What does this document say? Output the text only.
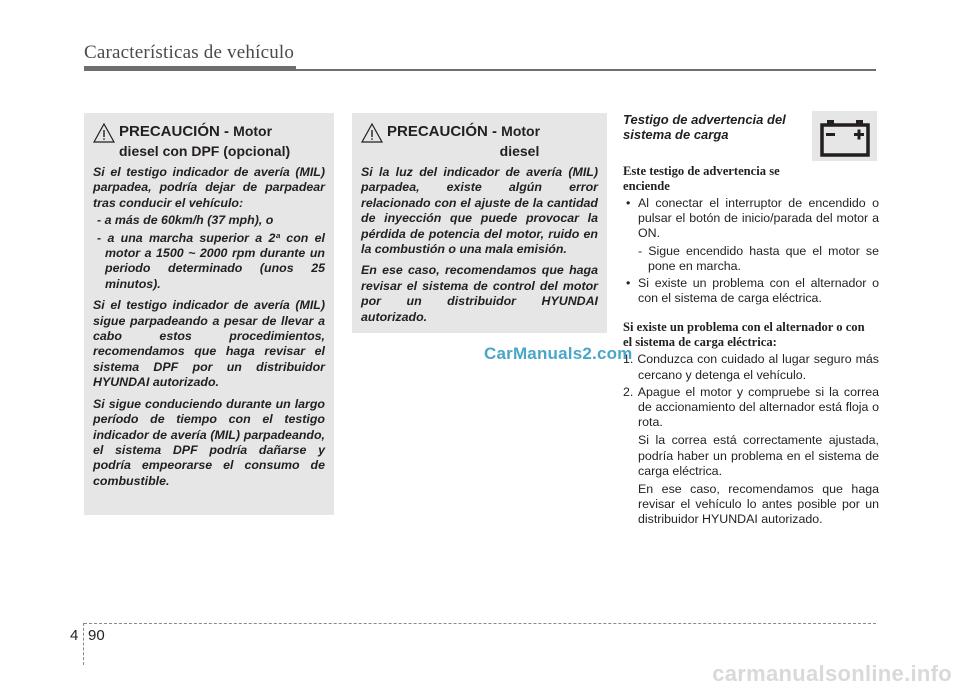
Características de vehículo
PRECAUCIÓN - Motor
diesel con DPF (opcional)

Si el testigo indicador de avería (MIL) parpadea, podría dejar de parpadear tras conducir el vehículo:

- a más de 60km/h (37 mph), o

- a una marcha superior a 2ª con el motor a 1500 ~ 2000 rpm durante un periodo determinado (unos 25 minutos).

Si el testigo indicador de avería (MIL) sigue parpadeando a pesar de llevar a cabo estos procedimientos, recomendamos que haga revisar el sistema DPF por un distribuidor HYUNDAI autorizado.

Si sigue conduciendo durante un largo período de tiempo con el testigo indicador de avería (MIL) parpadeando, el sistema DPF podría dañarse y podría empeorarse el consumo de combustible.

PRECAUCIÓN - Motor
diesel

Si la luz del indicador de avería (MIL) parpadea, existe algún error relacionado con el ajuste de la cantidad de inyección que puede provocar la pérdida de potencia del motor, ruido en la combustión o una mala emisión.

En ese caso, recomendamos que haga revisar el sistema de control del motor por un distribuidor HYUNDAI autorizado.

Testigo de advertencia del sistema de carga
Este testigo de advertencia se enciende

• Al conectar el interruptor de encendido o pulsar el botón de inicio/parada del motor a ON.

- Sigue encendido hasta que el motor se pone en marcha.

• Si existe un problema con el alternador o con el sistema de carga eléctrica.

Si existe un problema con el alternador o con el sistema de carga eléctrica:

1. Conduzca con cuidado al lugar seguro más cercano y detenga el vehículo.

2. Apague el motor y compruebe si la correa de accionamiento del alternador está floja o rota.

Si la correa está correctamente ajustada, podría haber un problema en el sistema de carga eléctrica.

En ese caso, recomendamos que haga revisar el vehículo lo antes posible por un distribuidor HYUNDAI autorizado.

CarManuals2.com
4 90
carmanualsonline.info
